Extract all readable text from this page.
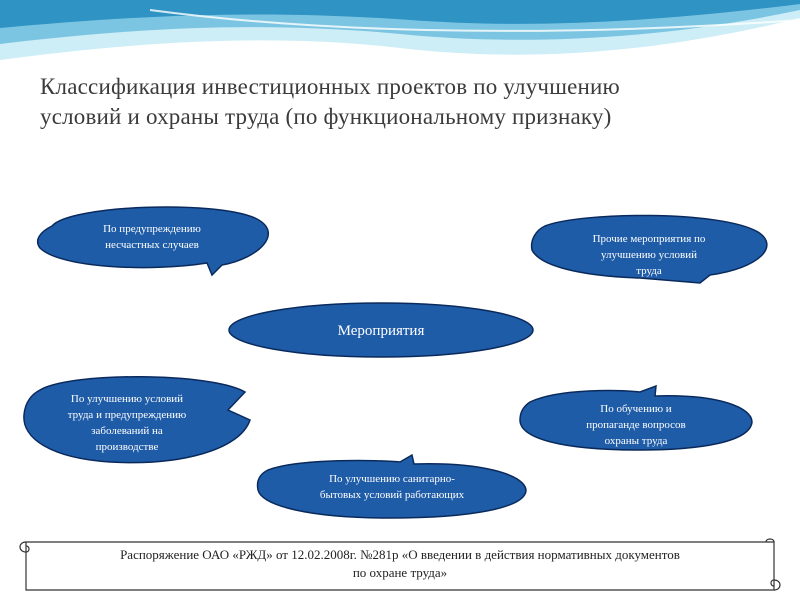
Классификация инвестиционных проектов по улучшению
условий и охраны труда (по функциональному признаку)
Мероприятия
По предупреждению
несчастных случаев	Прочие мероприятия по
улучшению условий
труда
По улучшению условий
труда и предупреждению
заболеваний на
производстве
По обучению и
пропаганде вопросов
охраны труда
По улучшению санитарно-
бытовых условий работающих
Распоряжение ОАО «РЖД» от 12.02.2008г. №281р «О введении в действия нормативных документов
по охране труда»
